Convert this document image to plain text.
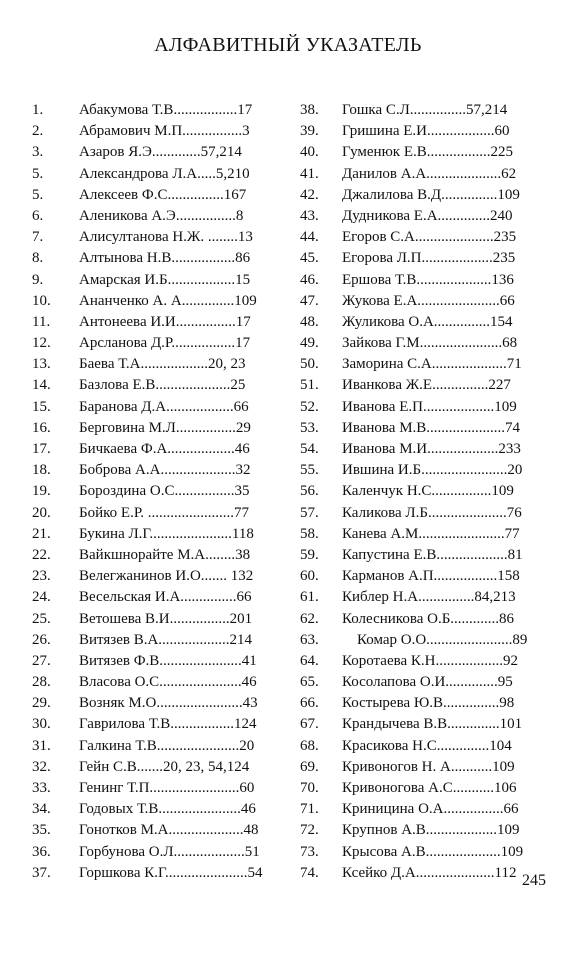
АЛФАВИТНЫЙ УКАЗАТЕЛЬ
1.	Абакумова Т.В.................17
2.	Абрамович М.П................3
3.	Азаров Я.Э.............57,214
5.	Александрова Л.А.....5,210
5.	Алексеев Ф.С...............167
6.	Аленикова А.Э................8
7.	Алисултанова Н.Ж. ........13
8.	Алтынова Н.В.................86
9.	Амарская И.Б..................15
10.	Ананченко А. А..............109
11.	Антонеева И.И................17
12.	Арсланова Д.Р.................17
13.	Баева Т.А..................20, 23
14.	Базлова Е.В....................25
15.	Баранова Д.А..................66
16.	Берговина М.Л................29
17.	Бичкаева Ф.А..................46
18.	Боброва А.А....................32
19.	Бороздина О.С................35
20.	Бойко Е.Р. .......................77
21.	Букина Л.Г......................118
22.	Вайкшнорайте М.А........38
23.	Велегжанинов И.О....... 132
24.	Весельская И.А...............66
25.	Ветошева В.И................201
26.	Витязев В.А...................214
27.	Витязев Ф.В......................41
28.	Власова О.С......................46
29.	Возняк М.О.......................43
30.	Гаврилова Т.В.................124
31.	Галкина Т.В......................20
32.	Гейн С.В.......20, 23, 54,124
33.	Генинг Т.П........................60
34.	Годовых Т.В......................46
35.	Гонотков М.А....................48
36.	Горбунова О.Л...................51
37.	Горшкова К.Г......................54
38.	Гошка С.Л...............57,214
39.	Гришина Е.И..................60
40.	Гуменюк Е.В.................225
41.	Данилов А.А....................62
42.	Джалилова В.Д...............109
43.	Дудникова Е.А..............240
44.	Егоров С.А.....................235
45.	Егорова Л.П...................235
46.	Ершова Т.В....................136
47.	Жукова Е.А......................66
48.	Жуликова О.А...............154
49.	Зайкова Г.М......................68
50.	Заморина С.А....................71
51.	Иванкова Ж.Е...............227
52.	Иванова Е.П...................109
53.	Иванова М.В.....................74
54.	Иванова М.И...................233
55.	Ившина И.Б.......................20
56.	Каленчук Н.С................109
57.	Каликова Л.Б.....................76
58.	Канева А.М.......................77
59.	Капустина Е.В...................81
60.	Карманов А.П.................158
61.	Киблер Н.А...............84,213
62.	Колесникова О.Б.............86
63.	Комар О.О.......................89
64.	Коротаева К.Н..................92
65.	Косолапова О.И..............95
66.	Костырева Ю.В...............98
67.	Крандычева В.В..............101
68.	Красикова Н.С..............104
69.	Кривоногов Н. А...........109
70.	Кривоногова А.С...........106
71.	Криницина О.А................66
72.	Крупнов А.В...................109
73.	Крысова А.В....................109
74.	Ксейко Д.А.....................112 245
